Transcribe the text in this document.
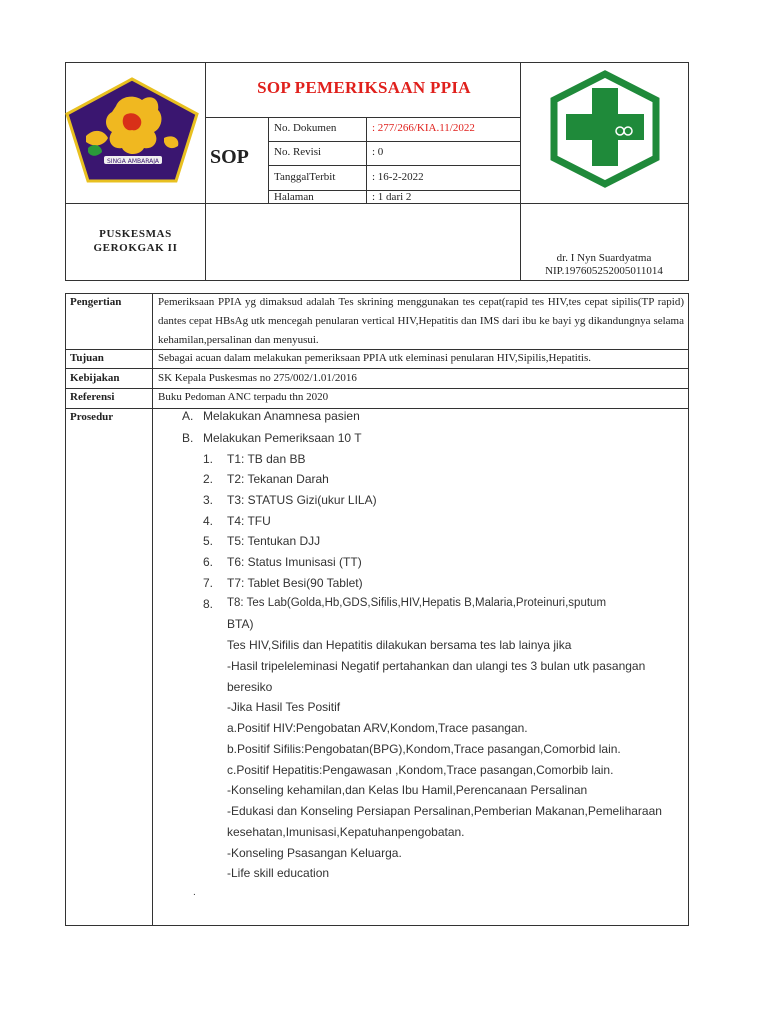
SINGA AMBARAJA
SOP PEMERIKSAAN PPIA
SOP
No. Dokumen	: 277/266/KIA.11/2022
No. Revisi	: 0
TanggalTerbit	: 16-2-2022
Halaman	: 1 dari 2
PUSKESMAS
GEROKGAK II
dr. I Nyn Suardyatma
NIP.197605252005011014
Pengertian	Pemeriksaan PPIA yg dimaksud adalah Tes skrining menggunakan tes cepat(rapid tes HIV,tes cepat sipilis(TP rapid) dantes cepat HBsAg utk mencegah penularan vertical HIV,Hepatitis dan IMS dari ibu ke bayi yg dikandungnya selama kehamilan,persalinan dan menyusui.
Tujuan	Sebagai acuan dalam melakukan pemeriksaan PPIA utk eleminasi penularan HIV,Sipilis,Hepatitis.
Kebijakan	SK Kepala Puskesmas no 275/002/1.01/2016
Referensi	Buku Pedoman ANC terpadu thn 2020
Prosedur	A. Melakukan Anamnesa pasien
B. Melakukan Pemeriksaan 10 T
1. T1: TB dan BB
2. T2: Tekanan Darah
3. T3: STATUS Gizi(ukur LILA)
4. T4: TFU
5. T5: Tentukan DJJ
6. T6: Status Imunisasi (TT)
7. T7: Tablet Besi(90 Tablet)
8. T8: Tes Lab(Golda,Hb,GDS,Sifilis,HIV,Hepatis B,Malaria,Proteinuri,sputum
BTA)
Tes HIV,Sifilis dan Hepatitis dilakukan bersama tes lab lainya jika
-Hasil tripeleleminasi Negatif pertahankan dan ulangi tes 3 bulan utk pasangan
beresiko
-Jika Hasil Tes Positif
a.Positif HIV:Pengobatan ARV,Kondom,Trace pasangan.
b.Positif Sifilis:Pengobatan(BPG),Kondom,Trace pasangan,Comorbid lain.
c.Positif Hepatitis:Pengawasan ,Kondom,Trace pasangan,Comorbib lain.
-Konseling kehamilan,dan Kelas Ibu Hamil,Perencanaan Persalinan
-Edukasi dan Konseling Persiapan Persalinan,Pemberian Makanan,Pemeliharaan
kesehatan,Imunisasi,Kepatuhanpengobatan.
-Konseling Psasangan Keluarga.
-Life skill education
.
